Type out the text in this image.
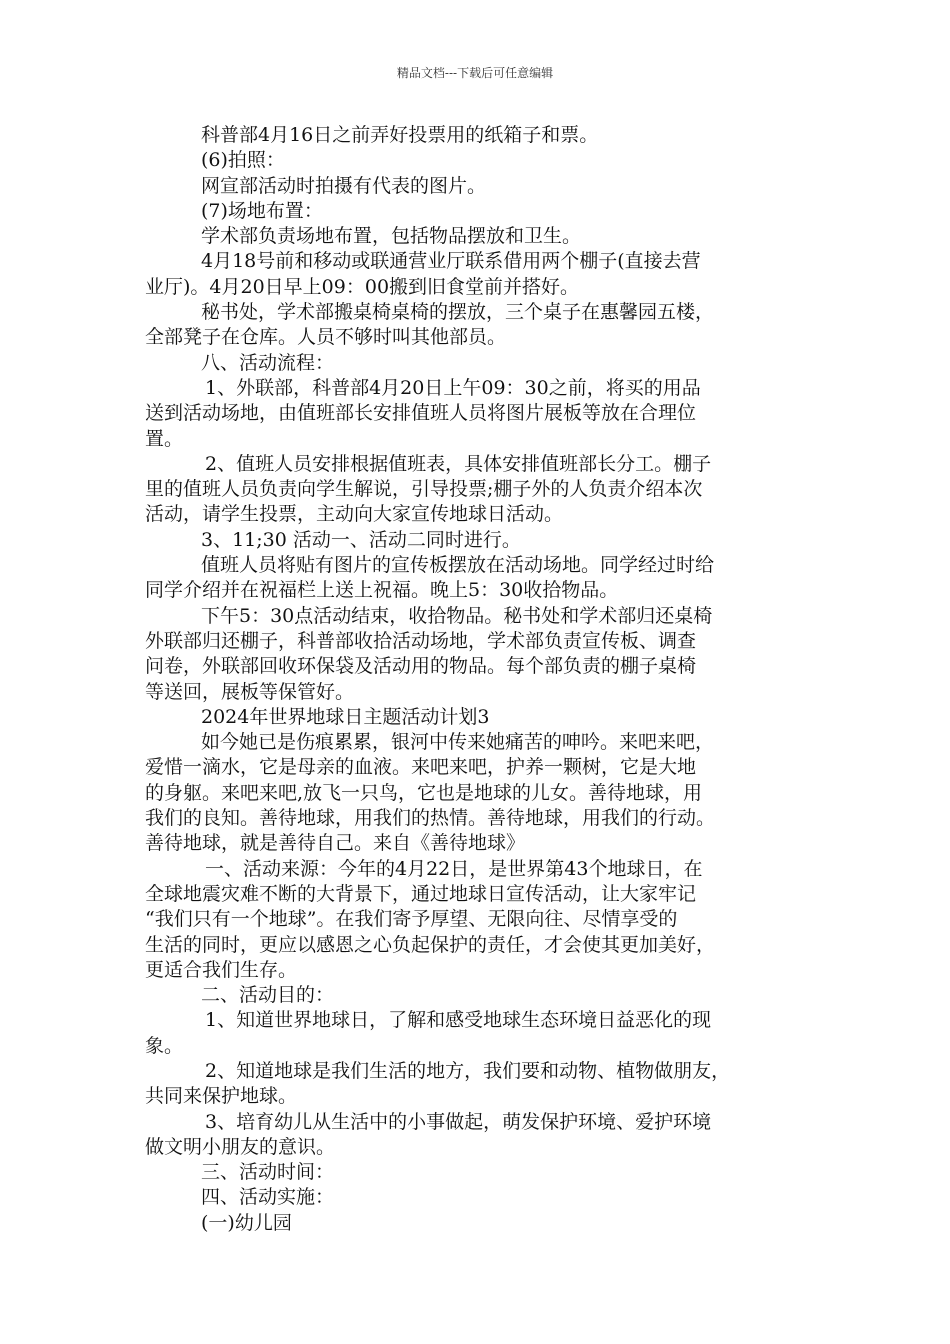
精品文档---下载后可任意编辑

科普部4月16日之前弄好投票用的纸箱子和票。

(6)拍照：

网宣部活动时拍摄有代表的图片。

(7)场地布置：

学术部负责场地布置，包括物品摆放和卫生。

4月18号前和移动或联通营业厅联系借用两个棚子(直接去营

业厅)。4月20日早上09：00搬到旧食堂前并搭好。

秘书处，学术部搬桌椅桌椅的摆放，三个桌子在惠馨园五楼，

全部凳子在仓库。人员不够时叫其他部员。

八、活动流程：

1、外联部，科普部4月20日上午09：30之前，将买的用品

送到活动场地，由值班部长安排值班人员将图片展板等放在合理位

置。

2、值班人员安排根据值班表，具体安排值班部长分工。棚子

里的值班人员负责向学生解说，引导投票;棚子外的人负责介绍本次

活动，请学生投票，主动向大家宣传地球日活动。

3、11;30 活动一、活动二同时进行。

值班人员将贴有图片的宣传板摆放在活动场地。同学经过时给

同学介绍并在祝福栏上送上祝福。晚上5：30收拾物品。

下午5：30点活动结束，收拾物品。秘书处和学术部归还桌椅

外联部归还棚子，科普部收拾活动场地，学术部负责宣传板、调查

问卷，外联部回收环保袋及活动用的物品。每个部负责的棚子桌椅

等送回，展板等保管好。

2024年世界地球日主题活动计划3

如今她已是伤痕累累，银河中传来她痛苦的呻吟。来吧来吧，

爱惜一滴水，它是母亲的血液。来吧来吧，护养一颗树，它是大地

的身躯。来吧来吧,放飞一只鸟，它也是地球的儿女。善待地球，用

我们的良知。善待地球，用我们的热情。善待地球，用我们的行动。

善待地球，就是善待自己。来自《善待地球》

一、活动来源：今年的4月22日，是世界第43个地球日，在

全球地震灾难不断的大背景下，通过地球日宣传活动，让大家牢记

“我们只有一个地球”。在我们寄予厚望、无限向往、尽情享受的

生活的同时，更应以感恩之心负起保护的责任，才会使其更加美好，

更适合我们生存。

二、活动目的：

1、知道世界地球日，了解和感受地球生态环境日益恶化的现

象。

2、知道地球是我们生活的地方，我们要和动物、植物做朋友，

共同来保护地球。

3、培育幼儿从生活中的小事做起，萌发保护环境、爱护环境

做文明小朋友的意识。

三、活动时间：

四、活动实施：

(一)幼儿园
